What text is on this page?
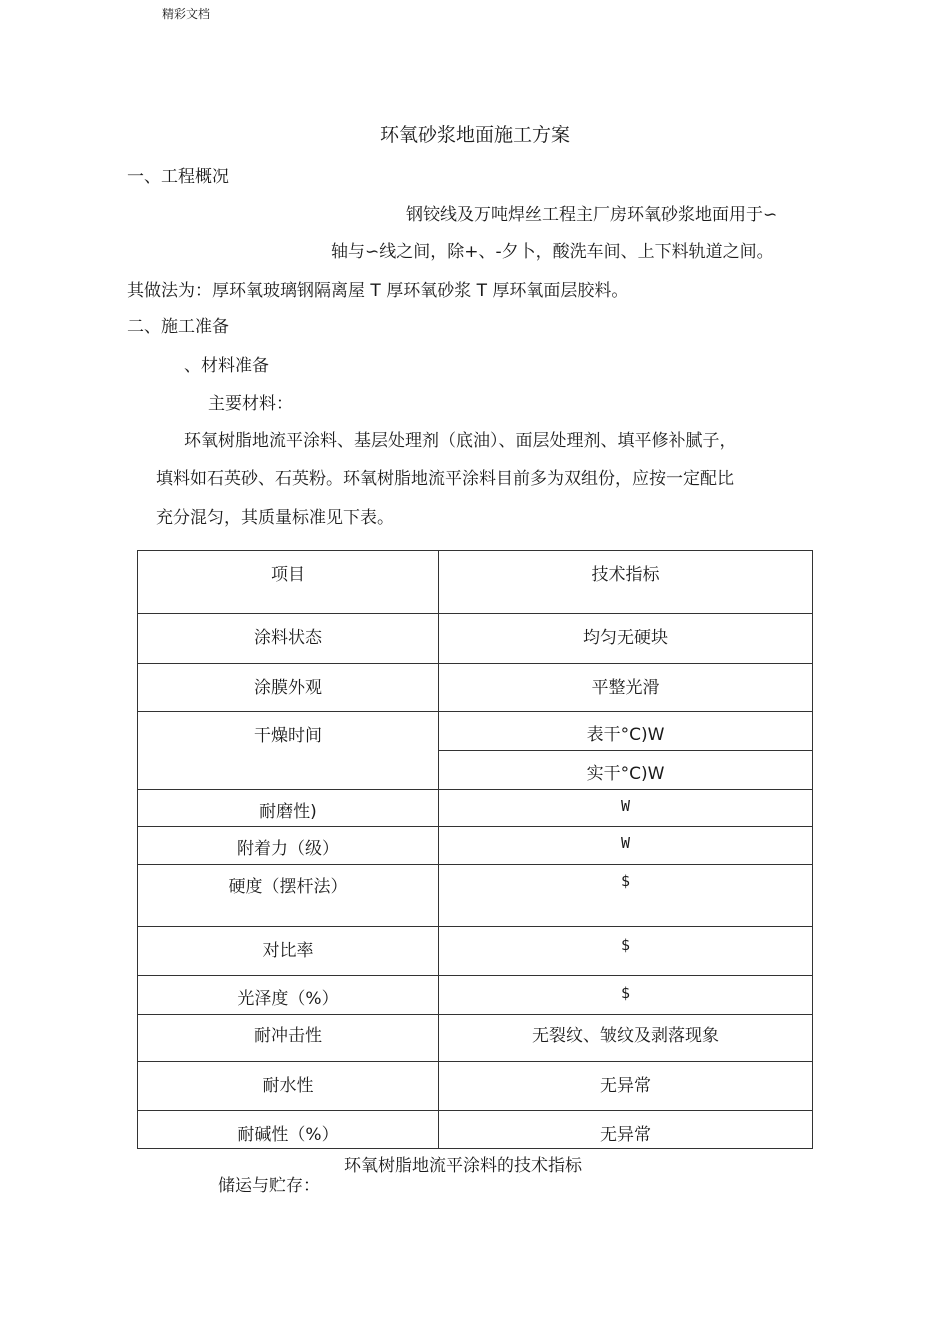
精彩文档
环氧砂浆地面施工方案
一、工程概况
钢铰线及万吨焊丝工程主厂房环氧砂浆地面用于∽
轴与∽线之间，除+、-夕卜，酸洗车间、上下料轨道之间。
其做法为：厚环氧玻璃钢隔离屋 T 厚环氧砂浆 T 厚环氧面层胶料。
二、施工准备
、材料准备
主要材料：
环氧树脂地流平涂料、基层处理剂（底油）、面层处理剂、填平修补腻子，
填料如石英砂、石英粉。环氧树脂地流平涂料目前多为双组份，应按一定配比
充分混匀，其质量标准见下表。
项目	技术指标

涂料状态	均匀无硬块

涂膜外观	平整光滑

干燥时间	表干°C)W

	实干°C)W

耐磨性)	W

附着力（级）	W

硬度（摆杆法）	$

对比率	$

光泽度（%）	$

耐冲击性	无裂纹、皱纹及剥落现象

耐水性	无异常

耐碱性（%）	无异常
环氧树脂地流平涂料的技术指标
储运与贮存：
